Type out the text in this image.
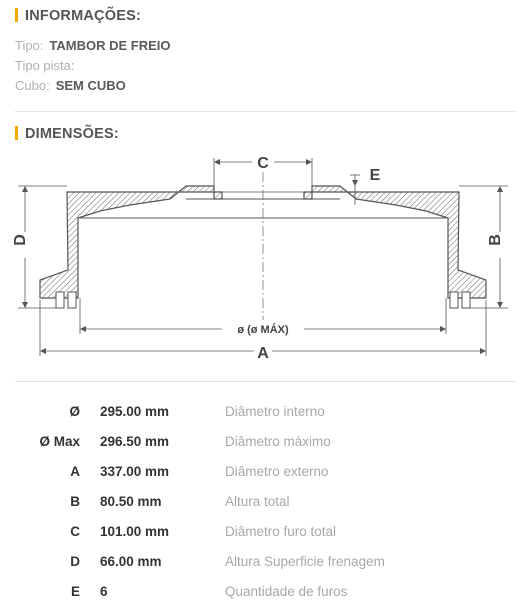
INFORMAÇÕES:
Tipo: TAMBOR DE FREIO
Tipo pista:
Cubo: SEM CUBO
DIMENSÕES:
C
E
D	B
ø (ø MÁX)
A
Ø 295.00 mm	Diâmetro interno
Ø Max 296.50 mm	Diâmetro máximo
A 337.00 mm	Diâmetro externo
B 80.50 mm	Altura total
C 101.00 mm	Diâmetro furo total
D 66.00 mm	Altura Superficie frenagem
E 6	Quantidade de furos
